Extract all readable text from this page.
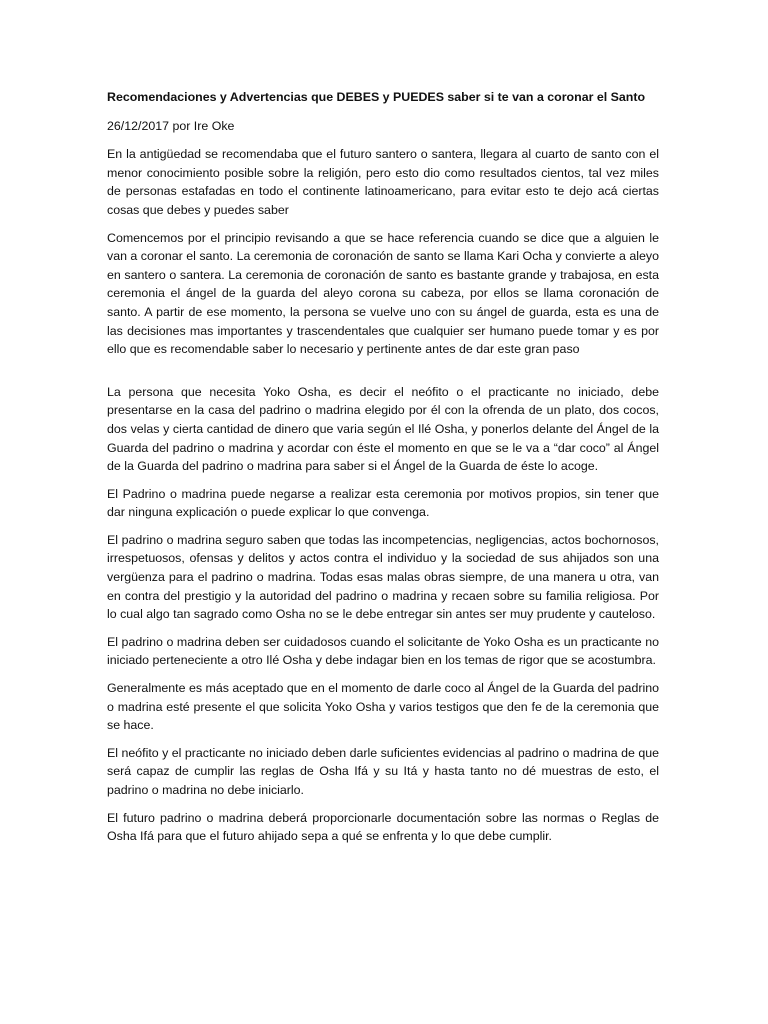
Recomendaciones y Advertencias que DEBES y PUEDES saber si te van a coronar el Santo

26/12/2017 por Ire Oke

En la antigüedad se recomendaba que el futuro santero o santera, llegara al cuarto de santo con el menor conocimiento posible sobre la religión, pero esto dio como resultados cientos, tal vez miles de personas estafadas en todo el continente latinoamericano, para evitar esto te dejo acá ciertas cosas que debes y puedes saber

Comencemos por el principio revisando a que se hace referencia cuando se dice que a alguien le van a coronar el santo. La ceremonia de coronación de santo se llama Kari Ocha y convierte a aleyo en santero o santera. La ceremonia de coronación de santo es bastante grande y trabajosa, en esta ceremonia el ángel de la guarda del aleyo corona su cabeza, por ellos se llama coronación de santo. A partir de ese momento, la persona se vuelve uno con su ángel de guarda, esta es una de las decisiones mas importantes y trascendentales que cualquier ser humano puede tomar y es por ello que es recomendable saber lo necesario y pertinente antes de dar este gran paso

La persona que necesita Yoko Osha, es decir el neófito o el practicante no iniciado, debe presentarse en la casa del padrino o madrina elegido por él con la ofrenda de un plato, dos cocos, dos velas y cierta cantidad de dinero que varia según el Ilé Osha, y ponerlos delante del Ángel de la Guarda del padrino o madrina y acordar con éste el momento en que se le va a “dar coco” al Ángel de la Guarda del padrino o madrina para saber si el Ángel de la Guarda de éste lo acoge.

El Padrino o madrina puede negarse a realizar esta ceremonia por motivos propios, sin tener que dar ninguna explicación o puede explicar lo que convenga.

El padrino o madrina seguro saben que todas las incompetencias, negligencias, actos bochornosos, irrespetuosos, ofensas y delitos y actos contra el individuo y la sociedad de sus ahijados son una vergüenza para el padrino o madrina. Todas esas malas obras siempre, de una manera u otra, van en contra del prestigio y la autoridad del padrino o madrina y recaen sobre su familia religiosa. Por lo cual algo tan sagrado como Osha no se le debe entregar sin antes ser muy prudente y cauteloso.

El padrino o madrina deben ser cuidadosos cuando el solicitante de Yoko Osha es un practicante no iniciado perteneciente a otro Ilé Osha y debe indagar bien en los temas de rigor que se acostumbra.

Generalmente es más aceptado que en el momento de darle coco al Ángel de la Guarda del padrino o madrina esté presente el que solicita Yoko Osha y varios testigos que den fe de la ceremonia que se hace.

El neófito y el practicante no iniciado deben darle suficientes evidencias al padrino o madrina de que será capaz de cumplir las reglas de Osha Ifá y su Itá y hasta tanto no dé muestras de esto, el padrino o madrina no debe iniciarlo.

El futuro padrino o madrina deberá proporcionarle documentación sobre las normas o Reglas de Osha Ifá para que el futuro ahijado sepa a qué se enfrenta y lo que debe cumplir.
